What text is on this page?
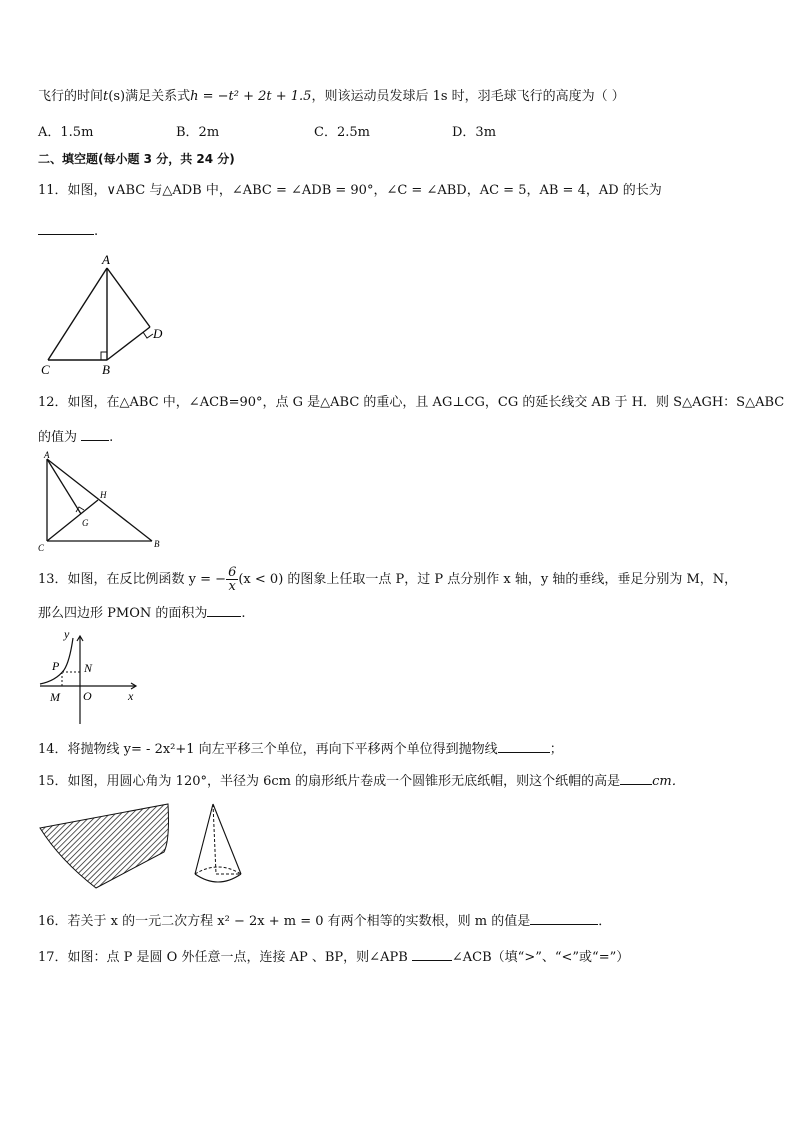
飞行的时间t(s)满足关系式h = −t² + 2t + 1.5，则该运动员发球后 1s 时，羽毛球飞行的高度为（ ）
A．1.5m	B．2m	C．2.5m	D．3m
二、填空题(每小题 3 分，共 24 分)
11．如图，∨ABC 与△ADB 中，∠ABC = ∠ADB = 90°，∠C = ∠ABD，AC = 5，AB = 4，AD 的长为
.
A
C	B
D
12．如图，在△ABC 中，∠ACB=90°，点 G 是△ABC 的重心，且 AG⊥CG，CG 的延长线交 AB 于 H．则 S△AGH：S△ABC
的值为 .
A
C	B
H
G
13．如图，在反比例函数 y = − $\frac{6}{x} (x < 0)$ 的图象上任取一点 P，过 P 点分别作 x 轴，y 轴的垂线，垂足分别为 M，N，
那么四边形 PMON 的面积为	.
y
P N
M O	x
14．将抛物线 y= - 2x²+1 向左平移三个单位，再向下平移两个单位得到抛物线	；
15．如图，用圆心角为 120°，半径为 6cm 的扇形纸片卷成一个圆锥形无底纸帽，则这个纸帽的高是 cm．
16．若关于 x 的一元二次方程 x² − 2x + m = 0 有两个相等的实数根，则 m 的值是	．
17．如图：点 P 是圆 O 外任意一点，连接 AP 、BP，则∠APB	∠ACB（填“>”、“<”或“=”）
